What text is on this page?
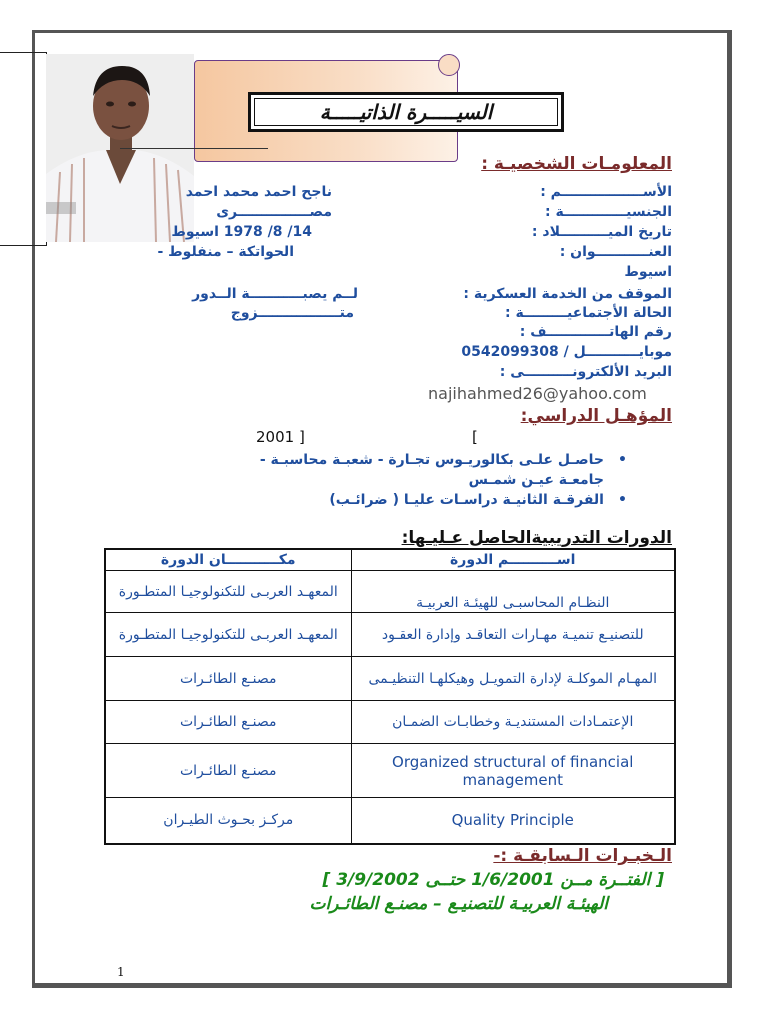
السيـــــرة الذاتيـــــة
المعلومـات الشخصيـة :
الأســـــــــــــــــم :
ناجح احمد محمد احمد
الجنسيـــــــــــــة :
مصـــــــــــــــرى
تاريخ الميــــــــــلاد :
14/ 8/ 1978 اسيوط
العنـــــــــــوان :
الحواتكة – منفلوط -
اسيوط
الموقف من الخدمة العسكرية :
لــم يصبـــــــــــة الــدور
الحالة الأجتماعيـــــــــة :
متـــــــــــــــــزوج
رقم الهاتـــــــــــــف :
موبايـــــــــــل / 0542099308
البريد الألكترونــــــــــى :
najihahmed26@yahoo.com
المؤهـل الدراسي:
[
2001 ]
•
حاصـل علـى بكالوريـوس تجـارة - شعبـة محاسبـة -
جامعـة عيـن شمـس
•
الفرقـة الثانيـة دراسـات عليـا ( ضرائـب)
الدورات التدريبيةالحاصل عـليـها:
اســــــــــم الدورة	مكـــــــــــان الدورة
النظـام المحاسبـى للهيئـة العربيـة	المعهـد العربـى للتكنولوجيـا المتطـورة
للتصنيـع تنميـة مهـارات التعاقـد وإدارة العقـود	المعهـد العربـى للتكنولوجيـا المتطـورة
المهـام الموكلـة لإدارة التمويـل وهيكلهـا التنظيـمى	مصنـع الطائـرات
الإعتمـادات المستنديـة وخطابـات الضمـان	مصنـع الطائـرات
Organized structural of financial management	مصنـع الطائـرات
Quality Principle	مركـز بحـوث الطيـران
الـخبـرات الـسابقـة :-
[ الفتــرة مــن 1/6/2001 حتــى 3/9/2002 ]
الهيئـة العربيـة للتصنيـع – مصنـع الطائـرات
1
